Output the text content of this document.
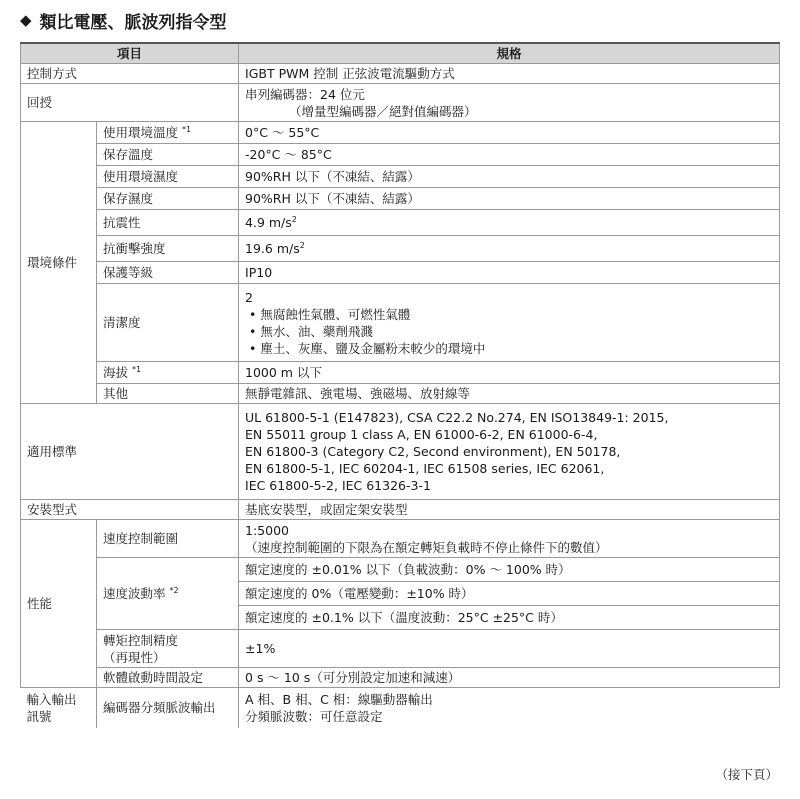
◆ 類比電壓、脈波列指令型
項目		規格
控制方式		IGBT PWM 控制 正弦波電流驅動方式
回授		串列編碼器：24 位元
（增量型編碼器／絕對值編碼器）

環境條件	使用環境溫度 $^{*1}$	0°C ～ 55°C
	保存溫度	-20°C ～ 85°C
	使用環境濕度	90%RH 以下（不凍結、結露）
	保存濕度	90%RH 以下（不凍結、結露）
	抗震性	4.9 $m/s^2$
	抗衝擊強度	19.6 $m/s^2$
	保護等級	IP10
	清潔度	2
• 無腐蝕性氣體、可燃性氣體
• 無水、油、藥劑飛濺
• 塵土、灰塵、鹽及金屬粉末較少的環境中

	海拔 $^{*1}$	1000 m 以下
	其他	無靜電雜訊、強電場、強磁場、放射線等
適用標準		UL 61800-5-1 (E147823), CSA C22.2 No.274, EN ISO13849-1: 2015,
EN 55011 group 1 class A, EN 61000-6-2, EN 61000-6-4,
EN 61800-3 (Category C2, Second environment), EN 50178,
EN 61800-5-1, IEC 60204-1, IEC 61508 series, IEC 62061,
IEC 61800-5-2, IEC 61326-3-1

安裝型式		基底安裝型，或固定架安裝型
性能	速度控制範圍	1:5000
（速度控制範圍的下限為在額定轉矩負載時不停止條件下的數值）

	速度波動率 $^{*2}$	額定速度的 ±0.01% 以下（負載波動：0% ～ 100% 時）
		額定速度的 0%（電壓變動：±10% 時）
		額定速度的 ±0.1% 以下（溫度波動：25°C ±25°C 時）

	轉矩控制精度
（再現性）	±1%
	軟體啟動時間設定	0 s ～ 10 s（可分別設定加速和減速）

輸入輸出
訊號	編碼器分頻脈波輸出	A 相、B 相、C 相：線驅動器輸出
分頻脈波數：可任意設定
（接下頁）
